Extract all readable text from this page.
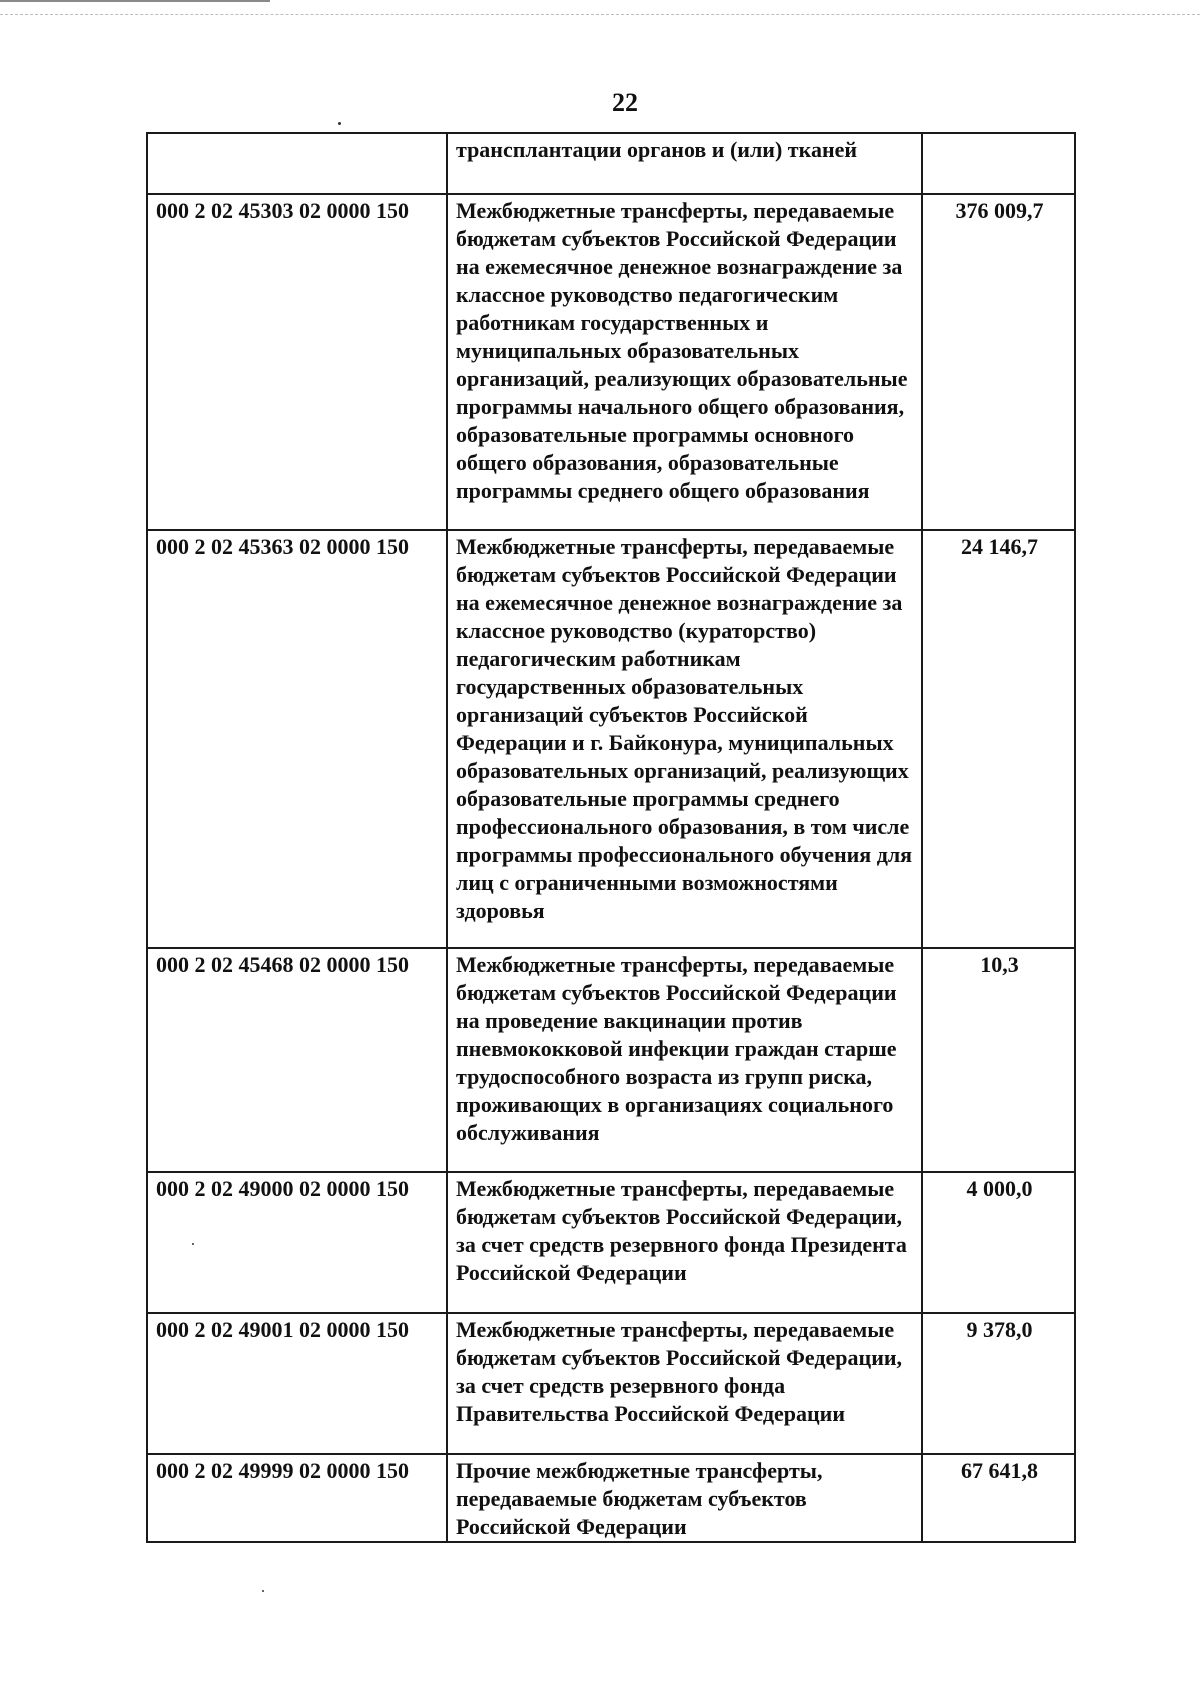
22
	трансплантации органов и (или) тканей	
000 2 02 45303 02 0000 150	Межбюджетные трансферты, передаваемые бюджетам субъектов Российской Федерации на ежемесячное денежное вознаграждение за классное руководство педагогическим работникам государственных и муниципальных образовательных организаций, реализующих образовательные программы начального общего образования, образовательные программы основного общего образования, образовательные программы среднего общего образования	376 009,7
000 2 02 45363 02 0000 150	Межбюджетные трансферты, передаваемые бюджетам субъектов Российской Федерации на ежемесячное денежное вознаграждение за классное руководство (кураторство) педагогическим работникам государственных образовательных организаций субъектов Российской Федерации и г. Байконура, муниципальных образовательных организаций, реализующих образовательные программы среднего профессионального образования, в том числе программы профессионального обучения для лиц с ограниченными возможностями здоровья	24 146,7
000 2 02 45468 02 0000 150	Межбюджетные трансферты, передаваемые бюджетам субъектов Российской Федерации на проведение вакцинации против пневмококковой инфекции граждан старше трудоспособного возраста из групп риска, проживающих в организациях социального обслуживания	10,3
000 2 02 49000 02 0000 150	Межбюджетные трансферты, передаваемые бюджетам субъектов Российской Федерации, за счет средств резервного фонда Президента Российской Федерации	4 000,0
000 2 02 49001 02 0000 150	Межбюджетные трансферты, передаваемые бюджетам субъектов Российской Федерации, за счет средств резервного фонда Правительства Российской Федерации	9 378,0
000 2 02 49999 02 0000 150	Прочие межбюджетные трансферты, передаваемые бюджетам субъектов Российской Федерации	67 641,8
